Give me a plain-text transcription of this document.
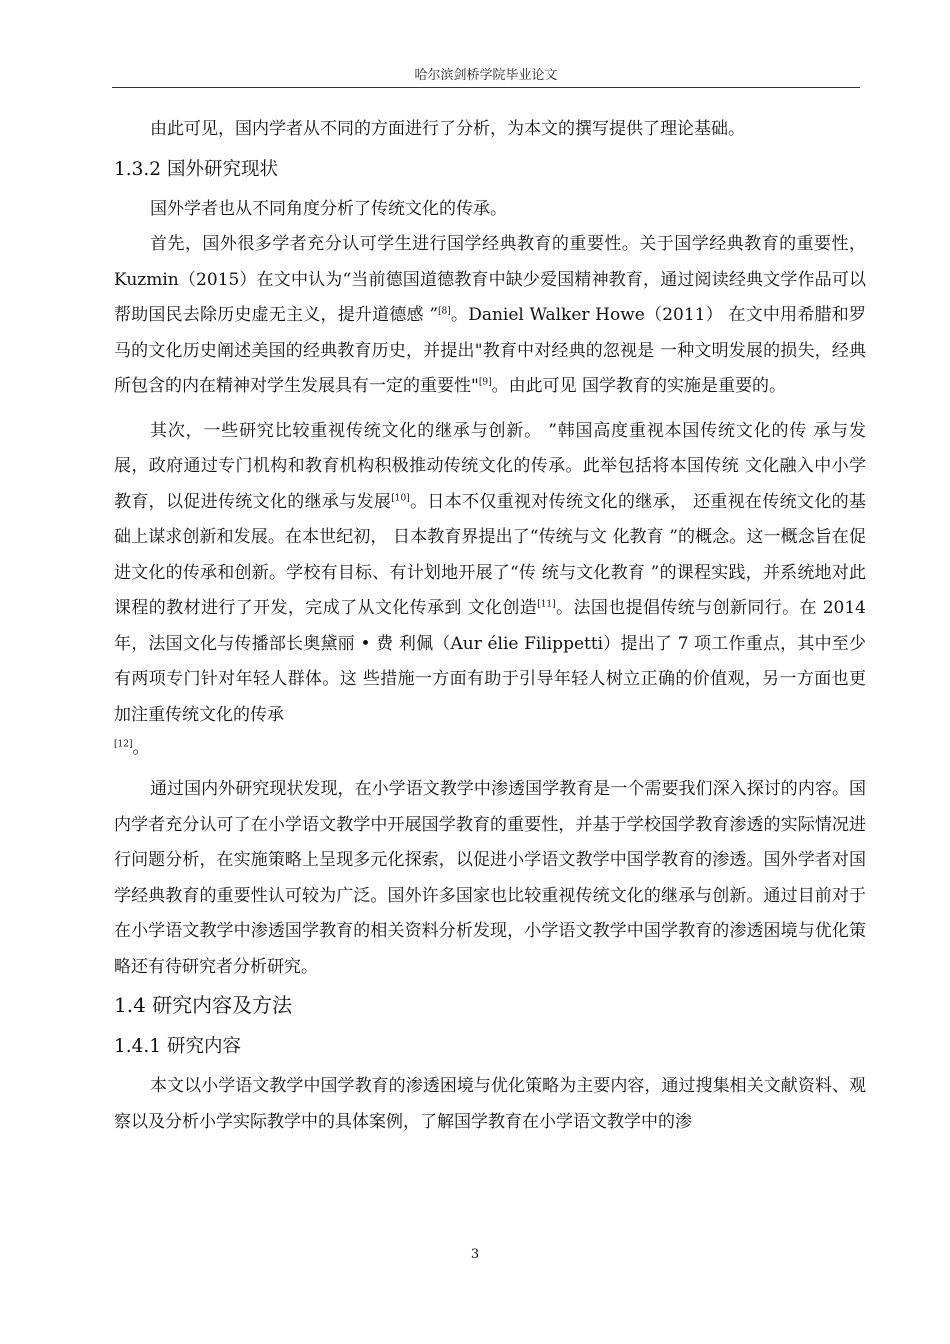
哈尔滨剑桥学院毕业论文

由此可见，国内学者从不同的方面进行了分析，为本文的撰写提供了理论基础。

1.3.2 国外研究现状

国外学者也从不同角度分析了传统文化的传承。

首先，国外很多学者充分认可学生进行国学经典教育的重要性。关于国学经典教育的重要性，Kuzmin（2015）在文中认为“当前德国道德教育中缺少爱国精神教育，通过阅读经典文学作品可以帮助国民去除历史虚无主义，提升道德感 ”[8]。Daniel Walker Howe（2011） 在文中用希腊和罗马的文化历史阐述美国的经典教育历史，并提出"教育中对经典的忽视是 一种文明发展的损失，经典所包含的内在精神对学生发展具有一定的重要性"[9]。由此可见 国学教育的实施是重要的。

其次，一些研究比较重视传统文化的继承与创新。 ”韩国高度重视本国传统文化的传 承与发展，政府通过专门机构和教育机构积极推动传统文化的传承。此举包括将本国传统 文化融入中小学教育，以促进传统文化的继承与发展[10]。日本不仅重视对传统文化的继承， 还重视在传统文化的基础上谋求创新和发展。在本世纪初， 日本教育界提出了“传统与文 化教育 ”的概念。这一概念旨在促进文化的传承和创新。学校有目标、有计划地开展了“传 统与文化教育 ”的课程实践，并系统地对此课程的教材进行了开发，完成了从文化传承到 文化创造[11]。法国也提倡传统与创新同行。在 2014 年，法国文化与传播部长奥黛丽 • 费 利佩（Aur élie Filippetti）提出了 7 项工作重点，其中至少有两项专门针对年轻人群体。这 些措施一方面有助于引导年轻人树立正确的价值观，另一方面也更加注重传统文化的传承

[12]。

通过国内外研究现状发现，在小学语文教学中渗透国学教育是一个需要我们深入探讨的内容。国内学者充分认可了在小学语文教学中开展国学教育的重要性，并基于学校国学教育渗透的实际情况进行问题分析，在实施策略上呈现多元化探索，以促进小学语文教学中国学教育的渗透。国外学者对国学经典教育的重要性认可较为广泛。国外许多国家也比较重视传统文化的继承与创新。通过目前对于在小学语文教学中渗透国学教育的相关资料分析发现，小学语文教学中国学教育的渗透困境与优化策略还有待研究者分析研究。

1.4 研究内容及方法
1.4.1 研究内容

本文以小学语文教学中国学教育的渗透困境与优化策略为主要内容，通过搜集相关文献资料、观察以及分析小学实际教学中的具体案例，了解国学教育在小学语文教学中的渗

3
